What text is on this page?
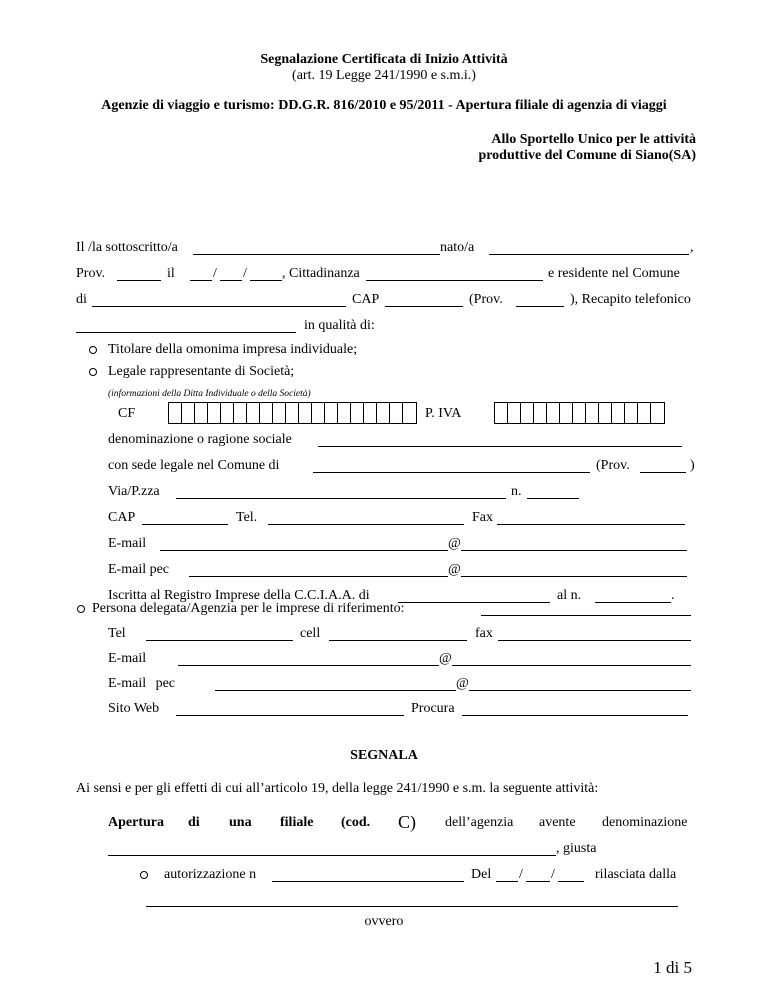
Segnalazione Certificata di Inizio Attività
(art. 19 Legge 241/1990 e s.m.i.)
Agenzie di viaggio e turismo: DD.G.R. 816/2010 e 95/2011 - Apertura filiale di agenzia di viaggi
Allo Sportello Unico per le attività
produttive del Comune di Siano(SA)
Il /la sottoscritto/a	nato/a	,
Prov.	il	/ /	, Cittadinanza	e residente nel Comune
di	CAP	(Prov.	), Recapito telefonico
in qualità di:
Titolare della omonima impresa individuale;
Legale rappresentante di Società;
(informazioni della Ditta Individuale o della Società)
CF	P. IVA
denominazione o ragione sociale
con sede legale nel Comune di	(Prov.	)
Via/P.zza	n.
CAP	Tel.	Fax
E-mail	@
E-mail pec	@
Iscritta al Registro Imprese della C.C.I.A.A. di	al n.	.
Persona delegata/Agenzia per le imprese di riferimento:
Tel	cell	fax
E-mail	@
E-mail pec	@
Sito Web	Procura
SEGNALA
Ai sensi e per gli effetti di cui all’articolo 19, della legge 241/1990 e s.m. la seguente attività:
Apertura di una filiale (cod. C) dell’agenzia avente denominazione
, giusta
autorizzazione n	Del / /	rilasciata dalla
ovvero
1 di 5
